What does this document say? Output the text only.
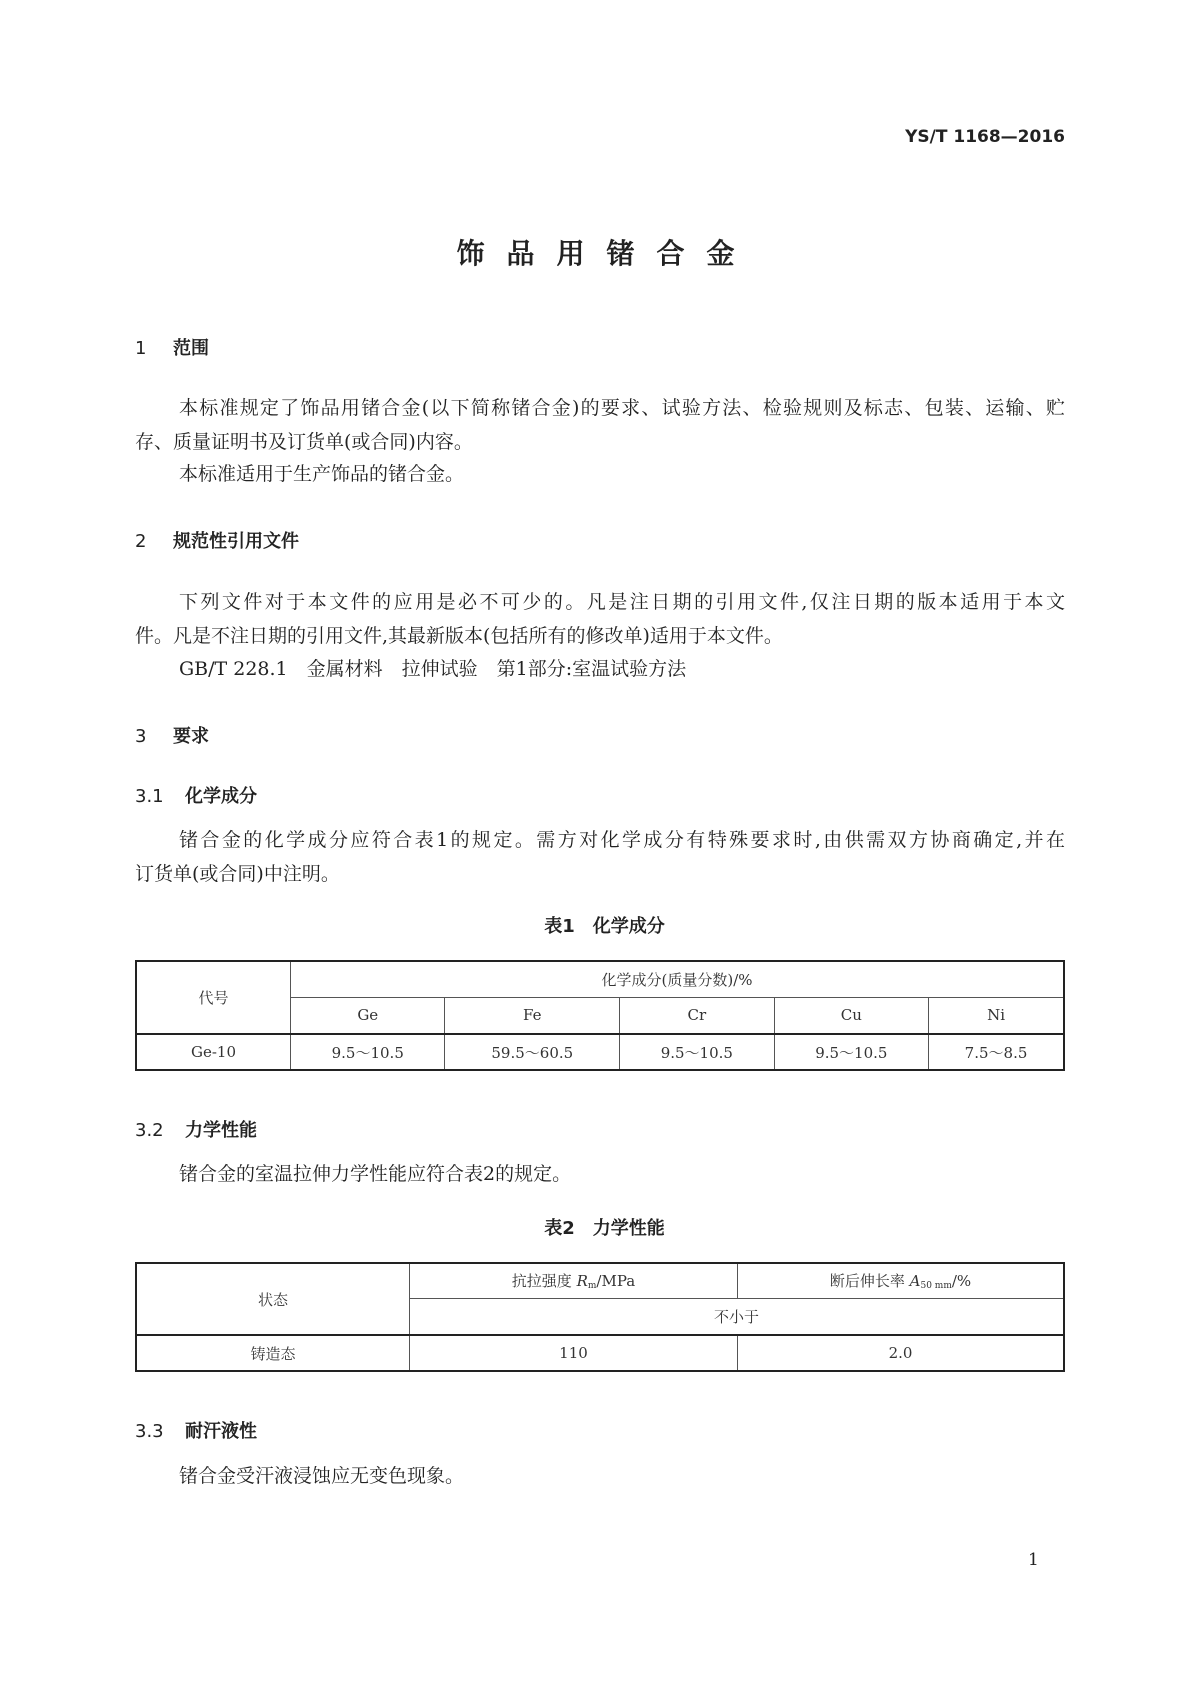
YS/T 1168—2016
饰品用锗合金
1 范围
本标准规定了饰品用锗合金(以下简称锗合金)的要求、试验方法、检验规则及标志、包装、运输、贮
存、质量证明书及订货单(或合同)内容。
本标准适用于生产饰品的锗合金。
2 规范性引用文件
下列文件对于本文件的应用是必不可少的。凡是注日期的引用文件,仅注日期的版本适用于本文
件。凡是不注日期的引用文件,其最新版本(包括所有的修改单)适用于本文件。
GB/T 228.1　金属材料　拉伸试验　第1部分:室温试验方法
3 要求
3.1 化学成分
锗合金的化学成分应符合表1的规定。需方对化学成分有特殊要求时,由供需双方协商确定,并在
订货单(或合同)中注明。
表1 化学成分
代号	化学成分(质量分数)/%				
	Ge	Fe	Cr	Cu	Ni
Ge-10	9.5～10.5	59.5～60.5	9.5～10.5	9.5～10.5	7.5～8.5
3.2 力学性能
锗合金的室温拉伸力学性能应符合表2的规定。
表2 力学性能
状态	抗拉强度 $R_m$/MPa	断后伸长率 $A_{50 mm}/\%$
	不小于	
铸造态	110	2.0
3.3 耐汗液性
锗合金受汗液浸蚀应无变色现象。
1
